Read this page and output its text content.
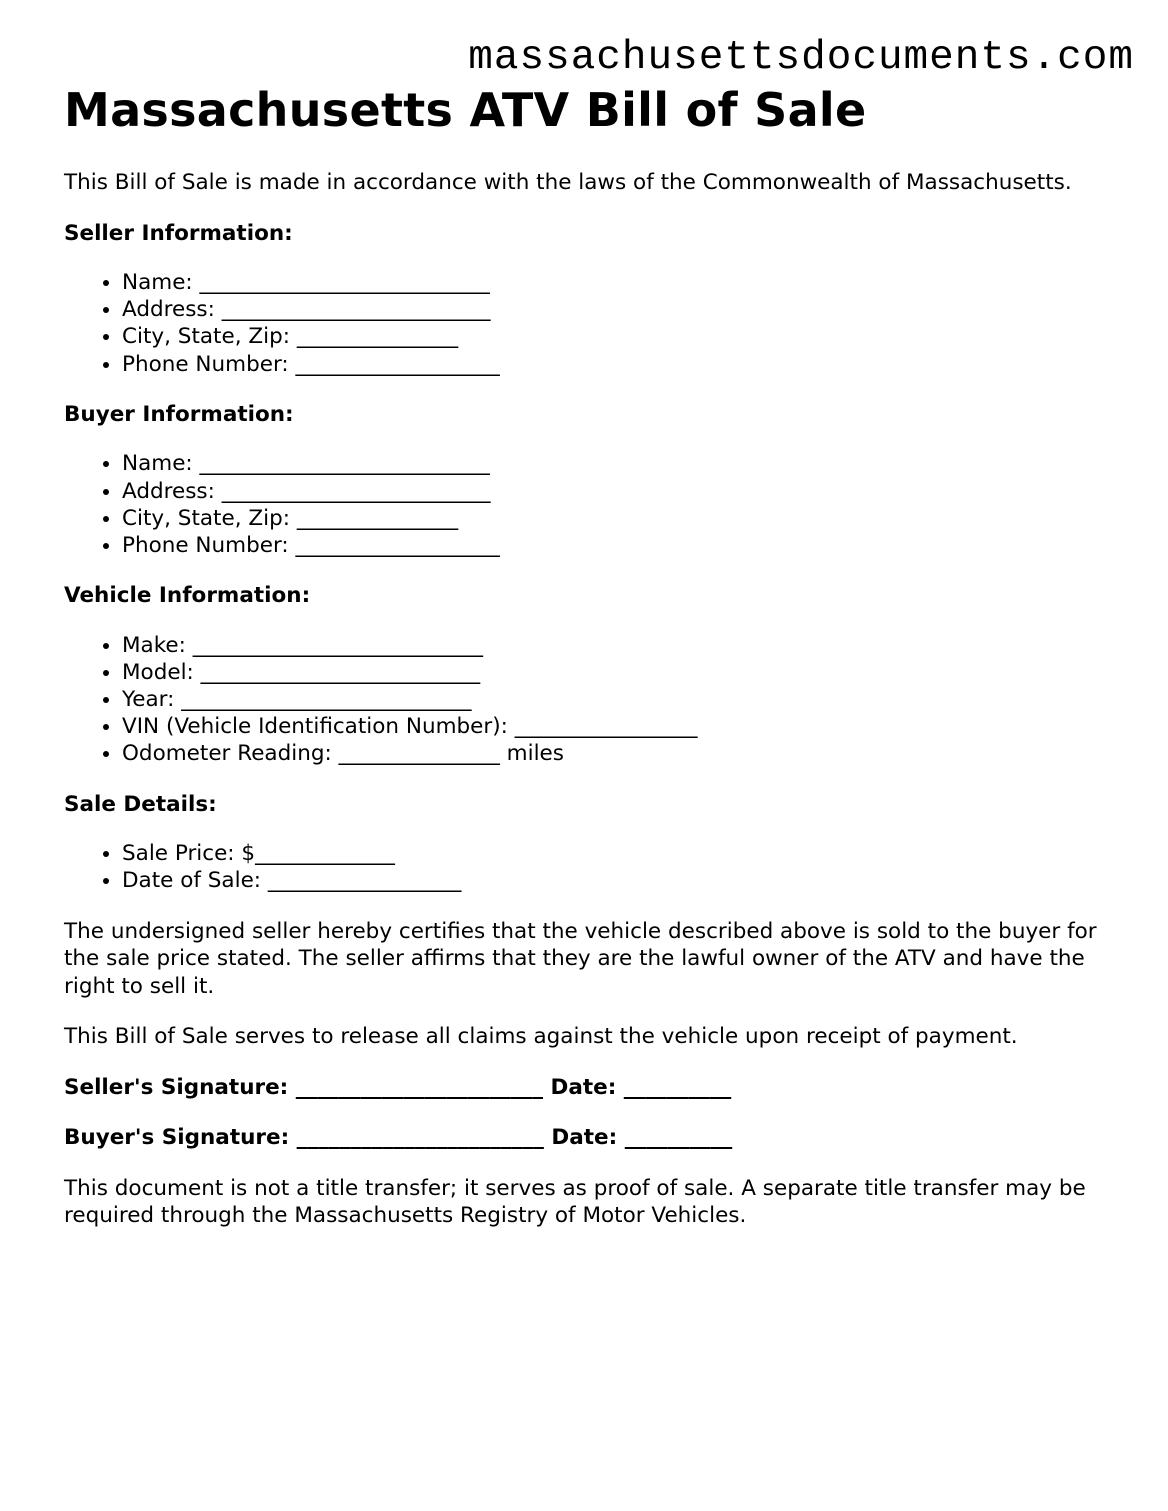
massachusettsdocuments.com
Massachusetts ATV Bill of Sale

This Bill of Sale is made in accordance with the laws of the Commonwealth of Massachusetts.

Seller Information:

• Name: ___________________________
• Address: _________________________
• City, State, Zip: _______________
• Phone Number: ___________________

Buyer Information:

• Name: ___________________________
• Address: _________________________
• City, State, Zip: _______________
• Phone Number: ___________________

Vehicle Information:

• Make: ___________________________
• Model: __________________________
• Year: ___________________________
• VIN (Vehicle Identification Number): _________________
• Odometer Reading: _______________ miles

Sale Details:

• Sale Price: $_____________
• Date of Sale: __________________

The undersigned seller hereby certifies that the vehicle described above is sold to the buyer for the sale price stated. The seller affirms that they are the lawful owner of the ATV and have the right to sell it.

This Bill of Sale serves to release all claims against the vehicle upon receipt of payment.

Seller's Signature: _______________________ Date: __________

Buyer's Signature: _______________________ Date: __________

This document is not a title transfer; it serves as proof of sale. A separate title transfer may be required through the Massachusetts Registry of Motor Vehicles.
